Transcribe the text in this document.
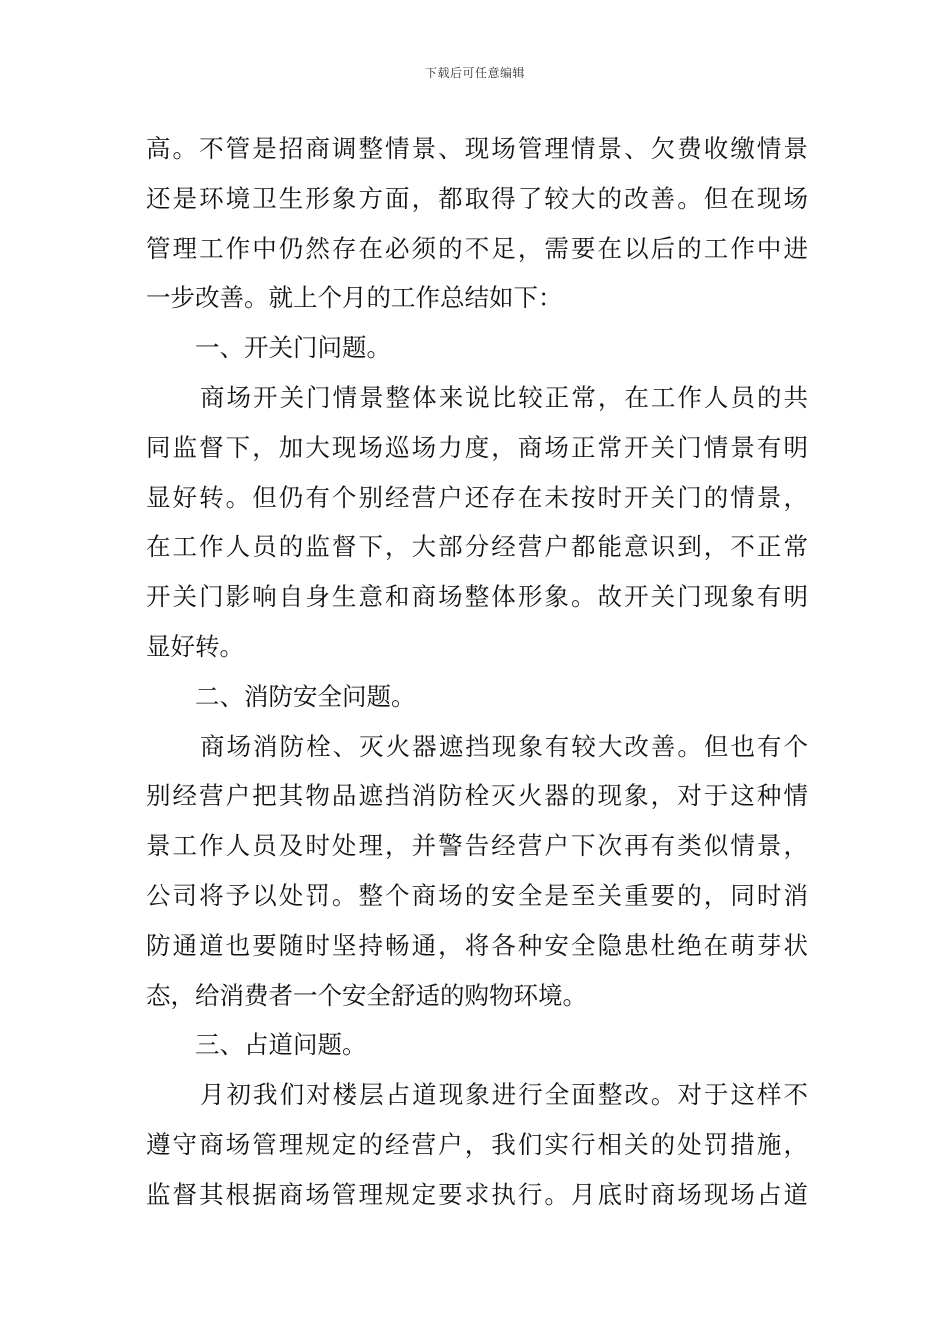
下载后可任意编辑
高。不管是招商调整情景、现场管理情景、欠费收缴情景
还是环境卫生形象方面，都取得了较大的改善。但在现场
管理工作中仍然存在必须的不足，需要在以后的工作中进
一步改善。就上个月的工作总结如下：
一、开关门问题。
商场开关门情景整体来说比较正常，在工作人员的共
同监督下，加大现场巡场力度，商场正常开关门情景有明
显好转。但仍有个别经营户还存在未按时开关门的情景，
在工作人员的监督下，大部分经营户都能意识到，不正常
开关门影响自身生意和商场整体形象。故开关门现象有明
显好转。
二、消防安全问题。
商场消防栓、灭火器遮挡现象有较大改善。但也有个
别经营户把其物品遮挡消防栓灭火器的现象，对于这种情
景工作人员及时处理，并警告经营户下次再有类似情景，
公司将予以处罚。整个商场的安全是至关重要的，同时消
防通道也要随时坚持畅通，将各种安全隐患杜绝在萌芽状
态，给消费者一个安全舒适的购物环境。
三、占道问题。
月初我们对楼层占道现象进行全面整改。对于这样不
遵守商场管理规定的经营户，我们实行相关的处罚措施，
监督其根据商场管理规定要求执行。月底时商场现场占道
